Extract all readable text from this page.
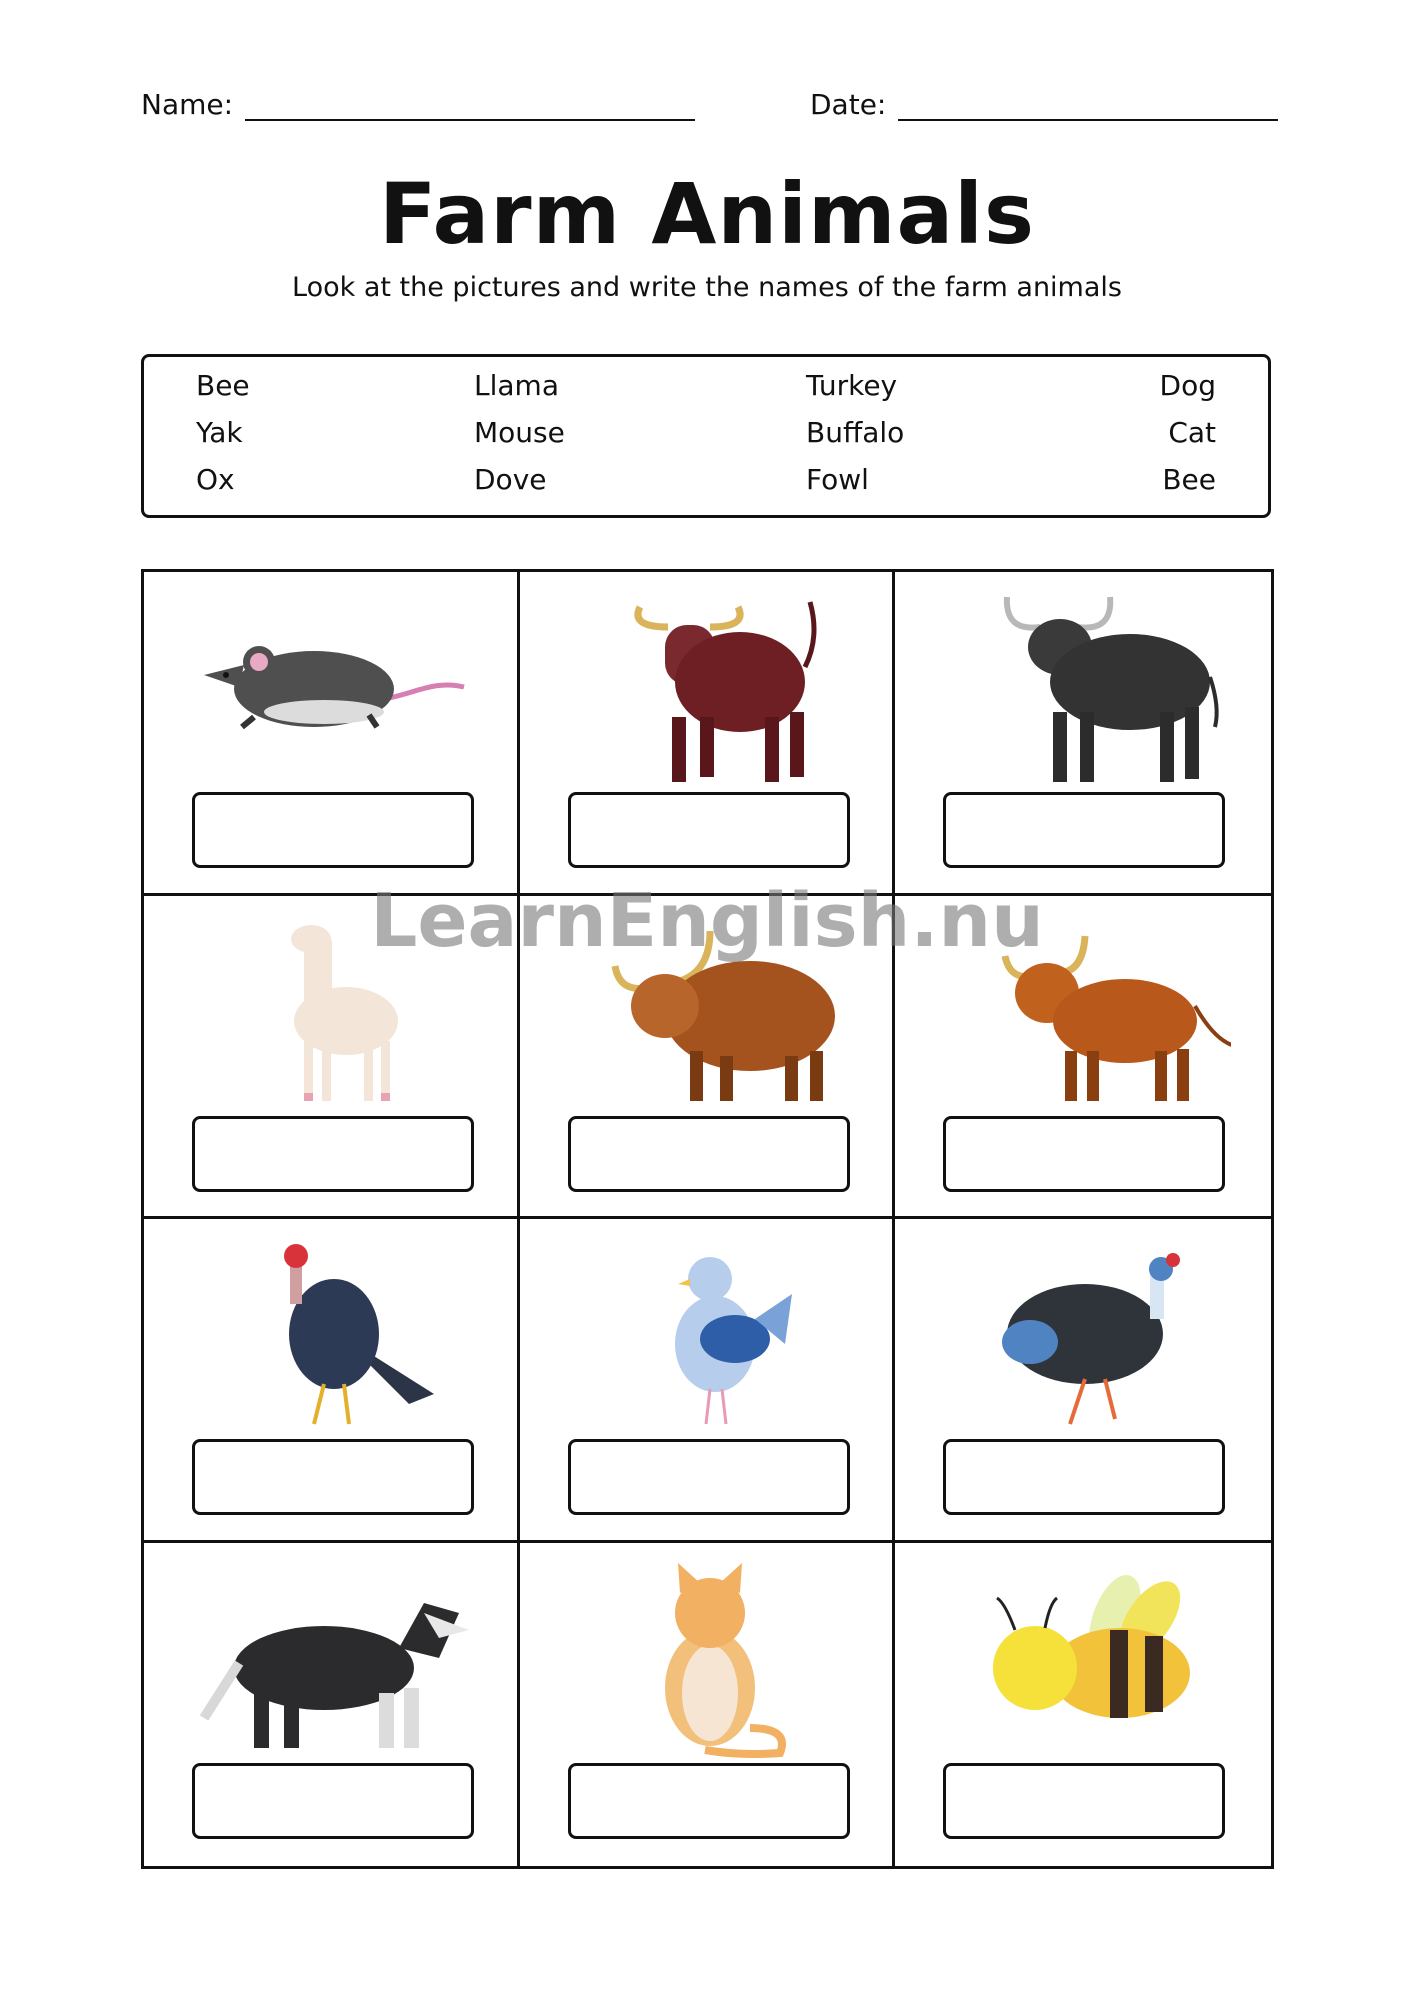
Name:	Date:
Farm Animals
Look at the pictures and write the names of the farm animals
Bee
Yak
Ox
Llama
Mouse
Dove
Turkey
Buffalo
Fowl
Dog
Cat
Bee
LearnEnglish.nu
